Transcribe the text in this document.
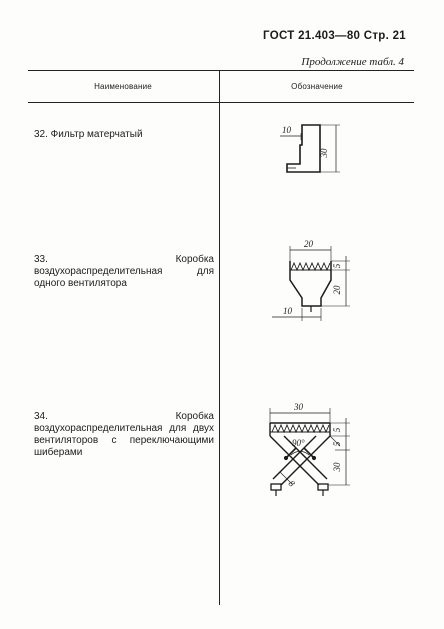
ГОСТ 21.403—80 Стр. 21
Продолжение табл. 4
Наименование	Обозначение
32. Фильтр матерчатый
33. Коробка воздухораспределительная для одного вентилятора
34. Коробка воздухораспределительная для двух вентиляторов с переключающими шиберами
10
30
20
5
20
10
30
5
5
30
90°
8
